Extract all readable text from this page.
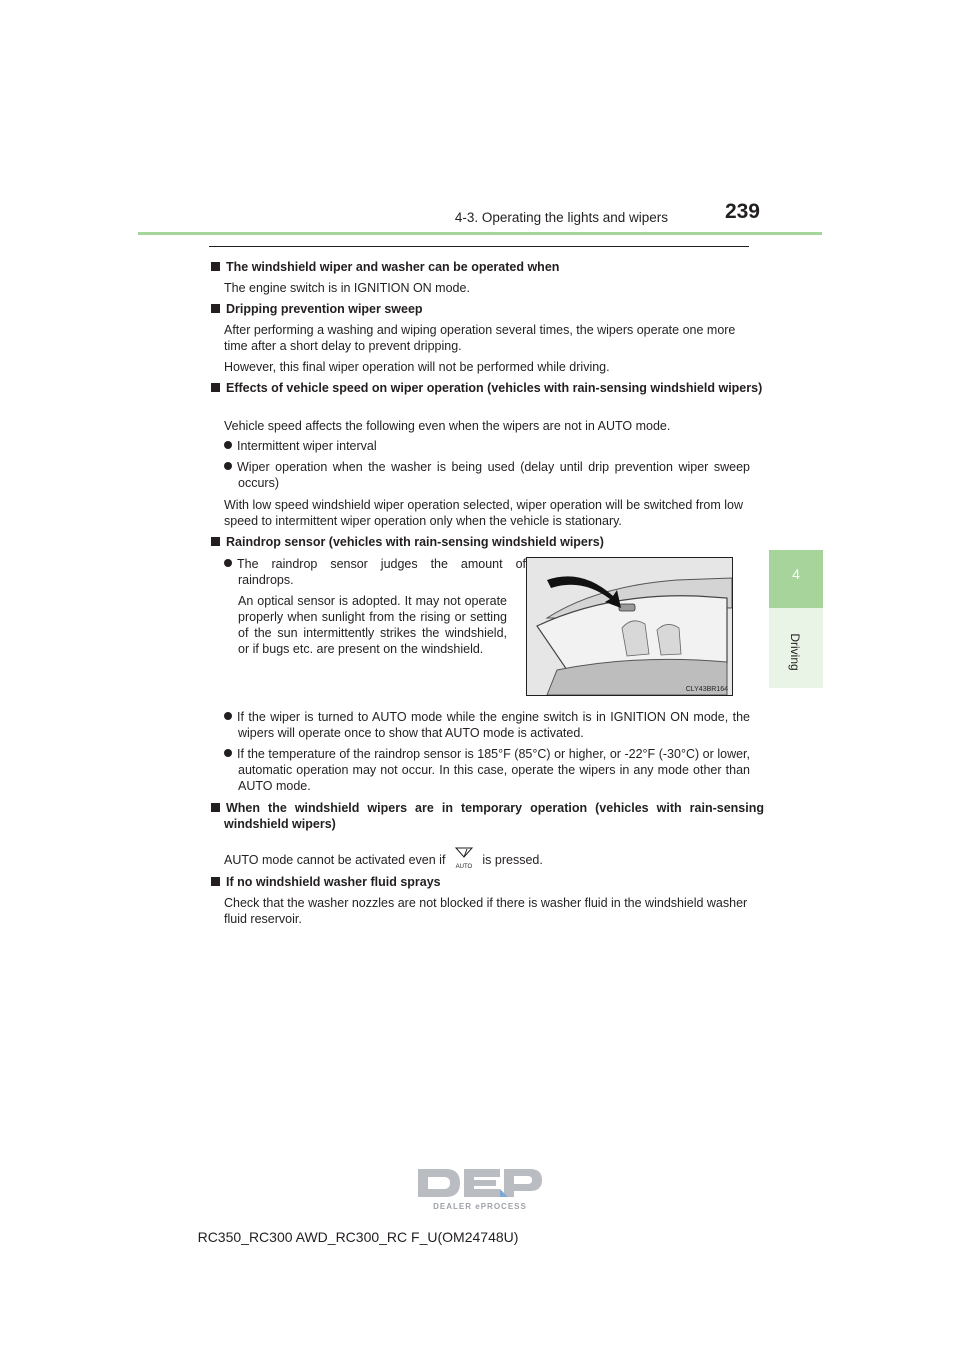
4-3. Operating the lights and wipers	239
4
Driving
The windshield wiper and washer can be operated when
The engine switch is in IGNITION ON mode.
Dripping prevention wiper sweep
After performing a washing and wiping operation several times, the wipers operate one more time after a short delay to prevent dripping.
However, this final wiper operation will not be performed while driving.
Effects of vehicle speed on wiper operation (vehicles with rain-sensing windshield wipers)
Vehicle speed affects the following even when the wipers are not in AUTO mode.
Intermittent wiper interval
Wiper operation when the washer is being used (delay until drip prevention wiper sweep occurs)
With low speed windshield wiper operation selected, wiper operation will be switched from low speed to intermittent wiper operation only when the vehicle is stationary.
Raindrop sensor (vehicles with rain-sensing windshield wipers)
The raindrop sensor judges the amount of raindrops.
An optical sensor is adopted. It may not operate properly when sunlight from the rising or setting of the sun intermittently strikes the windshield, or if bugs etc. are present on the windshield.
CLY43BR164
If the wiper is turned to AUTO mode while the engine switch is in IGNITION ON mode, the wipers will operate once to show that AUTO mode is activated.
If the temperature of the raindrop sensor is 185°F (85°C) or higher, or -22°F (-30°C) or lower, automatic operation may not occur. In this case, operate the wipers in any mode other than AUTO mode.
When the windshield wipers are in temporary operation (vehicles with rain-sensing windshield wipers)
AUTO mode cannot be activated even if	AUTO is pressed.
If no windshield washer fluid sprays
Check that the washer nozzles are not blocked if there is washer fluid in the windshield washer fluid reservoir.
DEALER ePROCESS
RC350_RC300 AWD_RC300_RC F_U(OM24748U)
